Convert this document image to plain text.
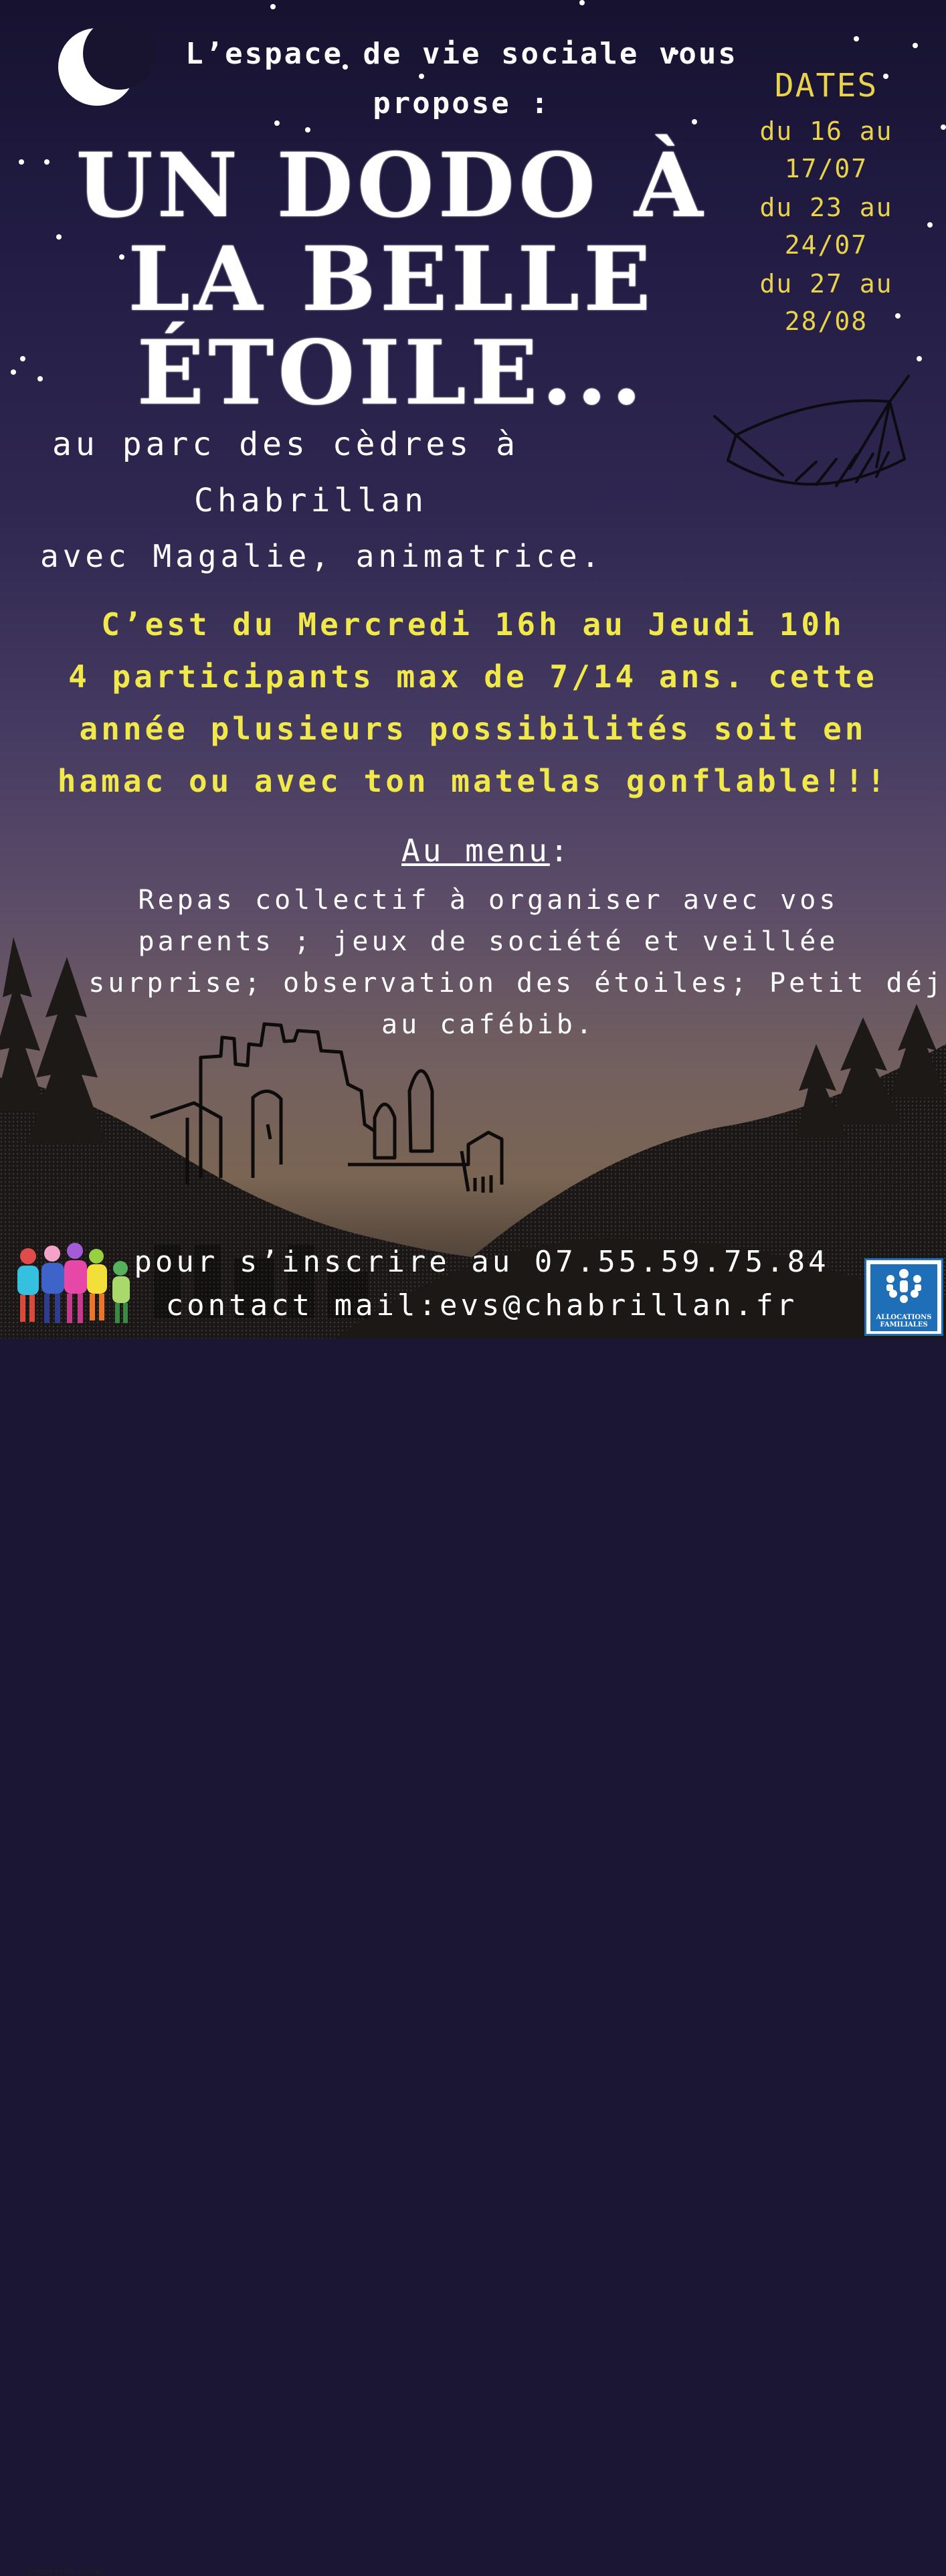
L’espace de vie sociale vous
propose :
UN DODO À
LA BELLE
ÉTOILE...
DATES
du 16 au
17/07
du 23 au
24/07
du 27 au
28/08
au parc des cèdres à
Chabrillan
avec Magalie, animatrice.
C’est du Mercredi 16h au Jeudi 10h
4 participants max de 7/14 ans. cette
année plusieurs possibilités soit en
hamac ou avec ton matelas gonflable!!!
Au menu:
Repas collectif à organiser avec vos
parents ; jeux de société et veillée
surprise; observation des étoiles; Petit déj
au cafébib.
pour s’inscrire au 07.55.59.75.84
contact mail:evs@chabrillan.fr
Espace de Vie Sociale
ALLOCATIONS
FAMILIALES
